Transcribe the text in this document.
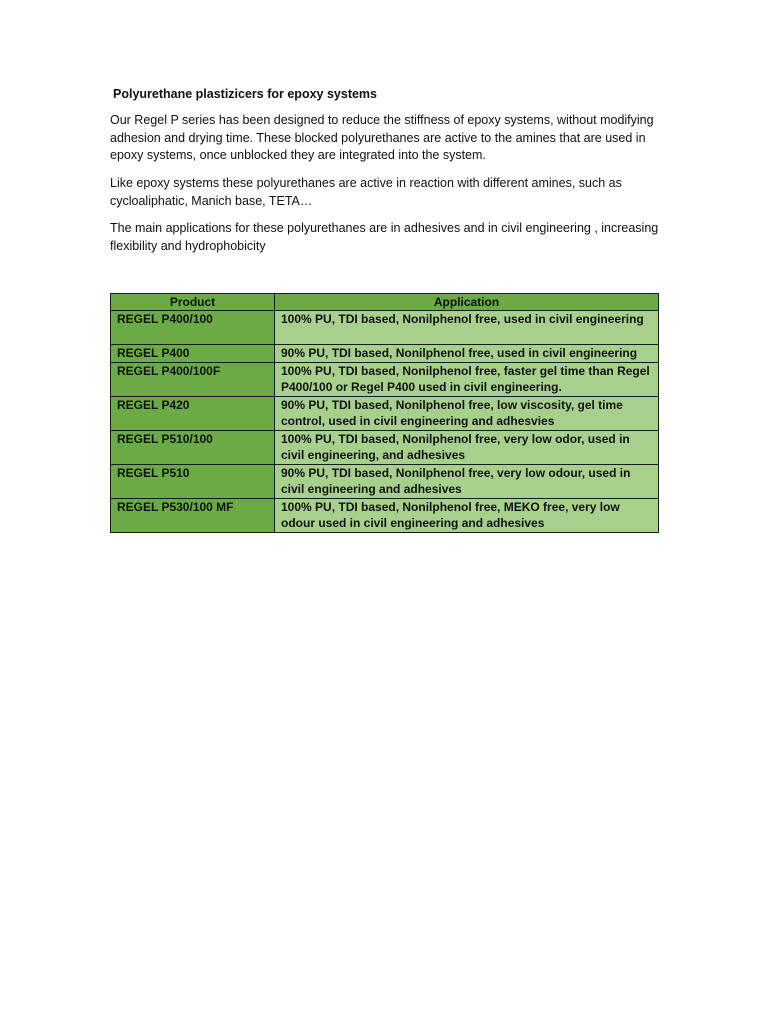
Polyurethane plastizicers for epoxy systems

Our Regel P series has been designed to reduce the stiffness of epoxy systems, without modifying adhesion and drying time. These blocked polyurethanes are active to the amines that are used in epoxy systems, once unblocked they are integrated into the system.

Like epoxy systems these polyurethanes are active in reaction with different amines, such as cycloaliphatic, Manich base, TETA…

The main applications for these polyurethanes are in adhesives and in civil engineering , increasing flexibility and hydrophobicity

Product	Application
REGEL P400/100	100% PU, TDI based, Nonilphenol free, used in civil engineering
REGEL P400	90% PU, TDI based, Nonilphenol free, used in civil engineering
REGEL P400/100F	100% PU, TDI based, Nonilphenol free, faster gel time than Regel P400/100 or Regel P400 used in civil engineering.
REGEL P420	90% PU, TDI based, Nonilphenol free, low viscosity, gel time control, used in civil engineering and adhesvies
REGEL P510/100	100% PU, TDI based, Nonilphenol free, very low odor, used in civil engineering, and adhesives
REGEL P510	90% PU, TDI based, Nonilphenol free, very low odour, used in civil engineering and adhesives
REGEL P530/100 MF	100% PU, TDI based, Nonilphenol free, MEKO free, very low odour used in civil engineering and adhesives
